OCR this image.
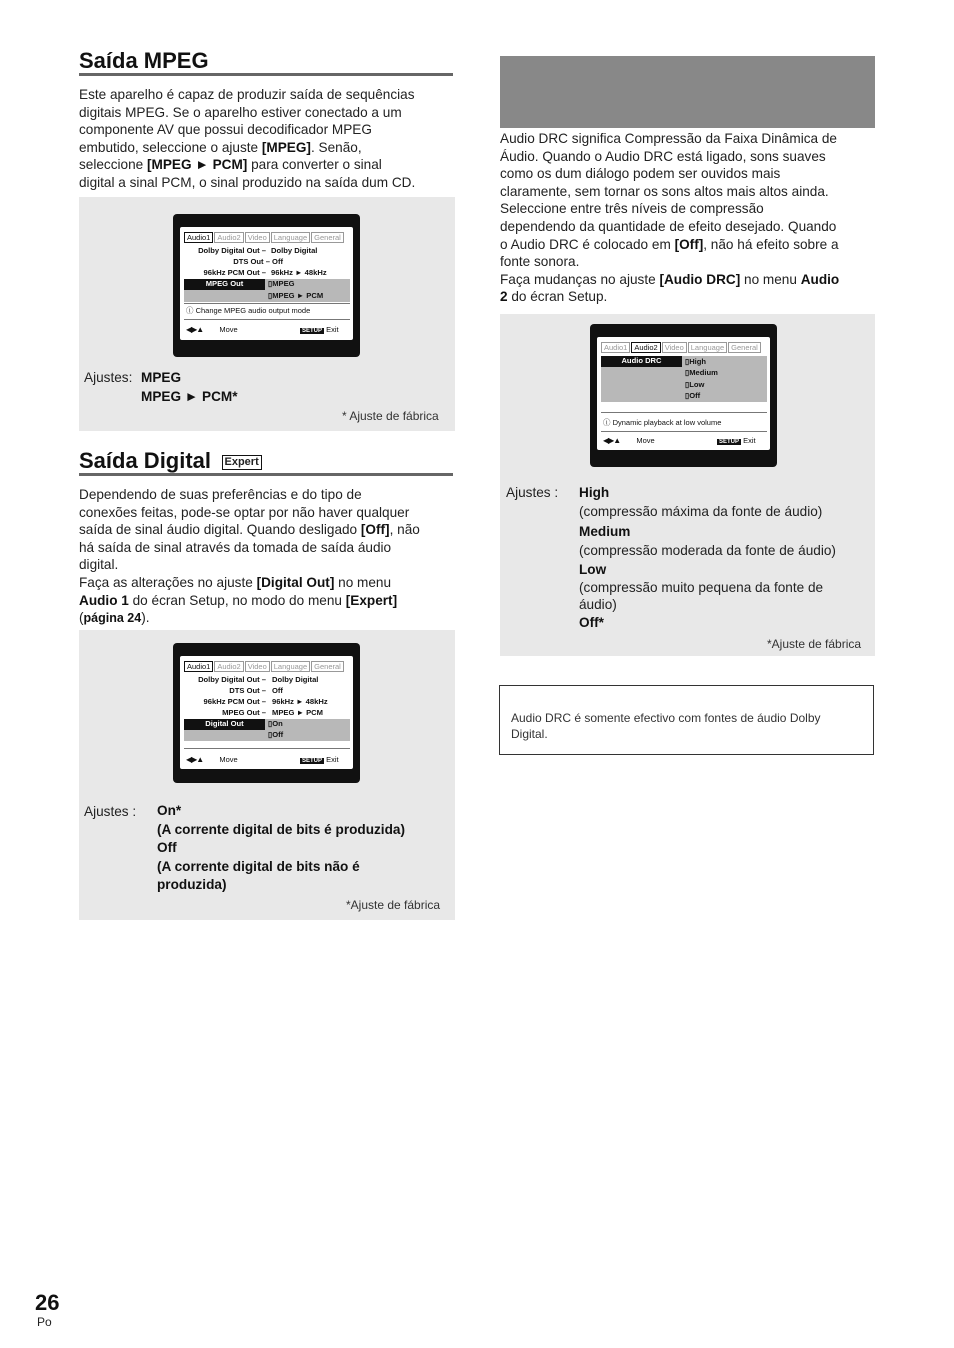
Saída MPEG
Este aparelho é capaz de produzir saída de sequências
digitais MPEG. Se o aparelho estiver conectado a um
componente AV que possui decodificador MPEG
embutido, seleccione o ajuste [MPEG]. Senão,
seleccione [MPEG ► PCM] para converter o sinal
digital a sinal PCM, o sinal produzido na saída dum CD.
Audio1 Audio2 Video Language General
Dolby Digital Out – Dolby Digital
DTS Out – Off
96kHz PCM Out – 96kHz ► 48kHz
MPEG Out	▯MPEG
▯MPEG ► PCM
ⓘ Change MPEG audio output mode
◀▶▲ Move	SETUP Exit
Ajustes: MPEG
MPEG ► PCM*
* Ajuste de fábrica
Saída Digital Expert
Dependendo de suas preferências e do tipo de
conexões feitas, pode-se optar por não haver qualquer
saída de sinal áudio digital. Quando desligado [Off], não
há saída de sinal através da tomada de saída áudio
digital.
Faça as alterações no ajuste [Digital Out] no menu
Audio 1 do écran Setup, no modo do menu [Expert]
(página 24).
Audio1 Audio2 Video Language General
Dolby Digital Out – Dolby Digital
DTS Out – Off
96kHz PCM Out – 96kHz ► 48kHz
MPEG Out – MPEG ► PCM
Digital Out	▯On
▯Off
◀▶▲ Move	SETUP Exit
Ajustes : On*
(A corrente digital de bits é produzida)
Off
(A corrente digital de bits não é
produzida)
*Ajuste de fábrica
Audio DRC significa Compressão da Faixa Dinâmica de
Áudio. Quando o Audio DRC está ligado, sons suaves
como os dum diálogo podem ser ouvidos mais
claramente, sem tornar os sons altos mais altos ainda.
Seleccione entre três níveis de compressão
dependendo da quantidade de efeito desejado. Quando
o Audio DRC é colocado em [Off], não há efeito sobre a
fonte sonora.
Faça mudanças no ajuste [Audio DRC] no menu Audio
2 do écran Setup.
Audio1 Audio2 Video Language General
Audio DRC	▯High
▯Medium
▯Low
▯Off
ⓘ Dynamic playback at low volume
◀▶▲ Move	SETUP Exit
Ajustes : High
(compressão máxima da fonte de áudio)
Medium
(compressão moderada da fonte de áudio)
Low
(compressão muito pequena da fonte de
áudio)
Off*
*Ajuste de fábrica
Audio DRC é somente efectivo com fontes de áudio Dolby
Digital.
26
Po
